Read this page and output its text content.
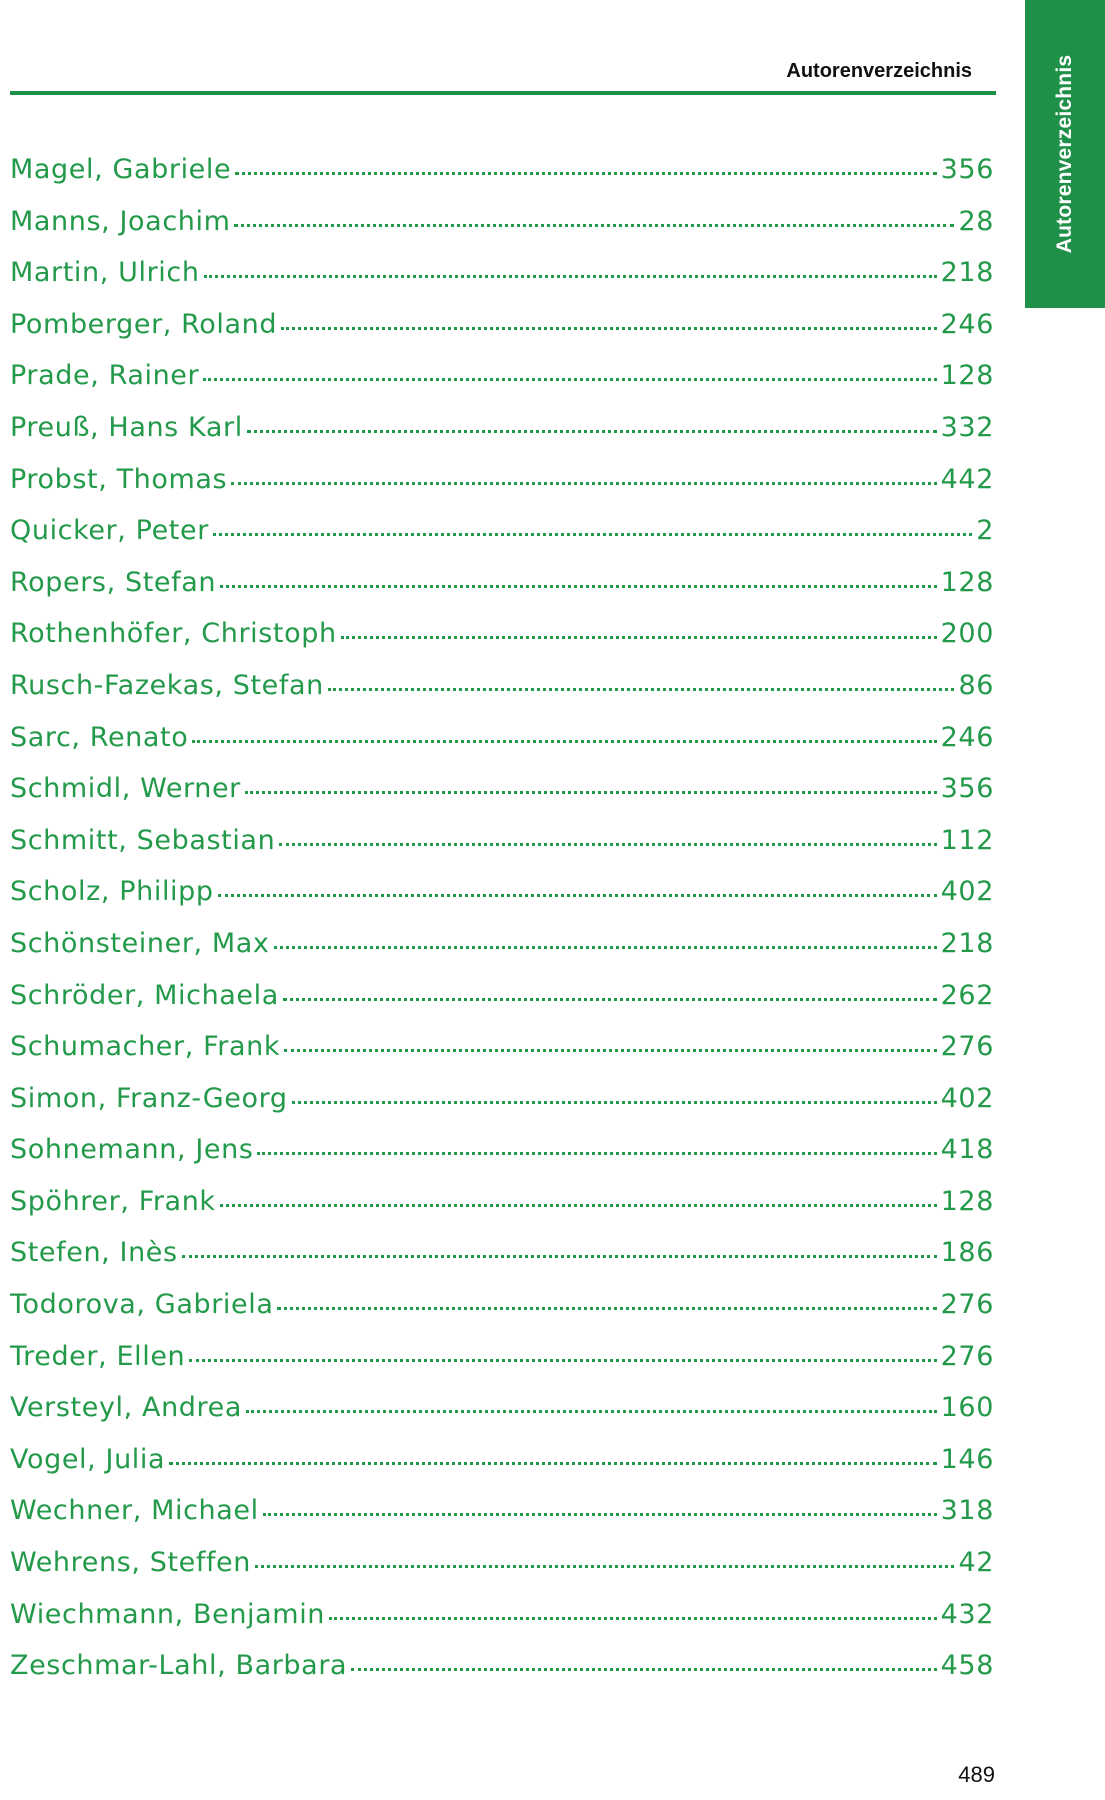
Autorenverzeichnis
Autorenverzeichnis
Magel, Gabriele	356
Manns, Joachim	28
Martin, Ulrich	218
Pomberger, Roland	246
Prade, Rainer	128
Preuß, Hans Karl	332
Probst, Thomas	442
Quicker, Peter	2
Ropers, Stefan	128
Rothenhöfer, Christoph	200
Rusch-Fazekas, Stefan	86
Sarc, Renato	246
Schmidl, Werner	356
Schmitt, Sebastian	112
Scholz, Philipp	402
Schönsteiner, Max	218
Schröder, Michaela	262
Schumacher, Frank	276
Simon, Franz-Georg	402
Sohnemann, Jens	418
Spöhrer, Frank	128
Stefen, Inès	186
Todorova, Gabriela	276
Treder, Ellen	276
Versteyl, Andrea	160
Vogel, Julia	146
Wechner, Michael	318
Wehrens, Steffen	42
Wiechmann, Benjamin	432
Zeschmar-Lahl, Barbara	458
489
